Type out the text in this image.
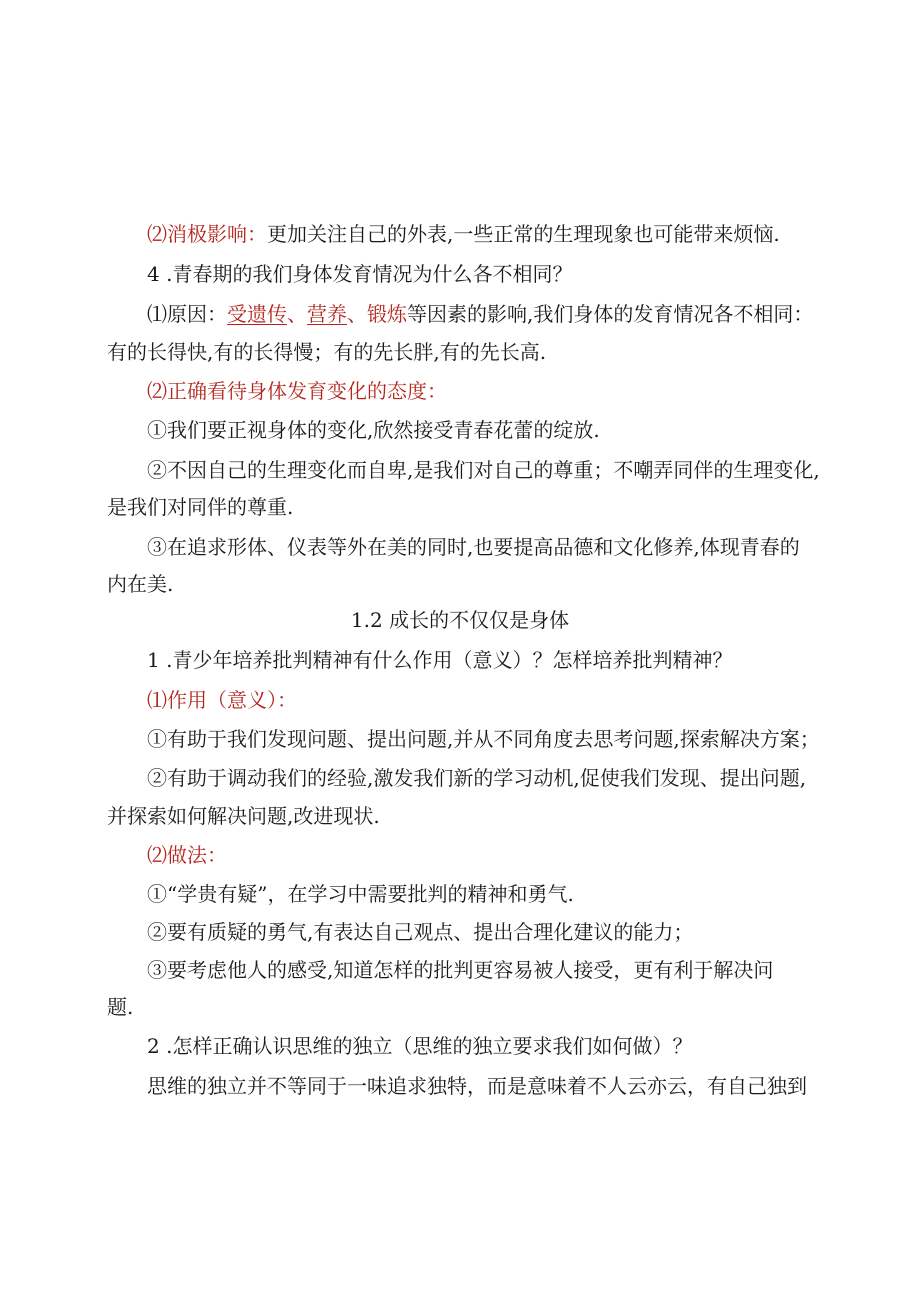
⑵消极影响：更加关注自己的外表,一些正常的生理现象也可能带来烦恼.
4 .青春期的我们身体发育情况为什么各不相同？
⑴原因：受遗传、营养、锻炼等因素的影响,我们身体的发育情况各不相同：
有的长得快,有的长得慢；有的先长胖,有的先长高.
⑵正确看待身体发育变化的态度：
①我们要正视身体的变化,欣然接受青春花蕾的绽放.
②不因自己的生理变化而自卑,是我们对自己的尊重；不嘲弄同伴的生理变化,
是我们对同伴的尊重.
③在追求形体、仪表等外在美的同时,也要提高品德和文化修养,体现青春的
内在美.
1.2 成长的不仅仅是身体
1 .青少年培养批判精神有什么作用（意义）？怎样培养批判精神？
⑴作用（意义）：
①有助于我们发现问题、提出问题,并从不同角度去思考问题,探索解决方案；
②有助于调动我们的经验,激发我们新的学习动机,促使我们发现、提出问题,
并探索如何解决问题,改进现状.
⑵做法：
①“学贵有疑”，在学习中需要批判的精神和勇气.
②要有质疑的勇气,有表达自己观点、提出合理化建议的能力；
③要考虑他人的感受,知道怎样的批判更容易被人接受，更有利于解决问
题.
2 .怎样正确认识思维的独立（思维的独立要求我们如何做）？
思维的独立并不等同于一味追求独特，而是意味着不人云亦云，有自己独到
